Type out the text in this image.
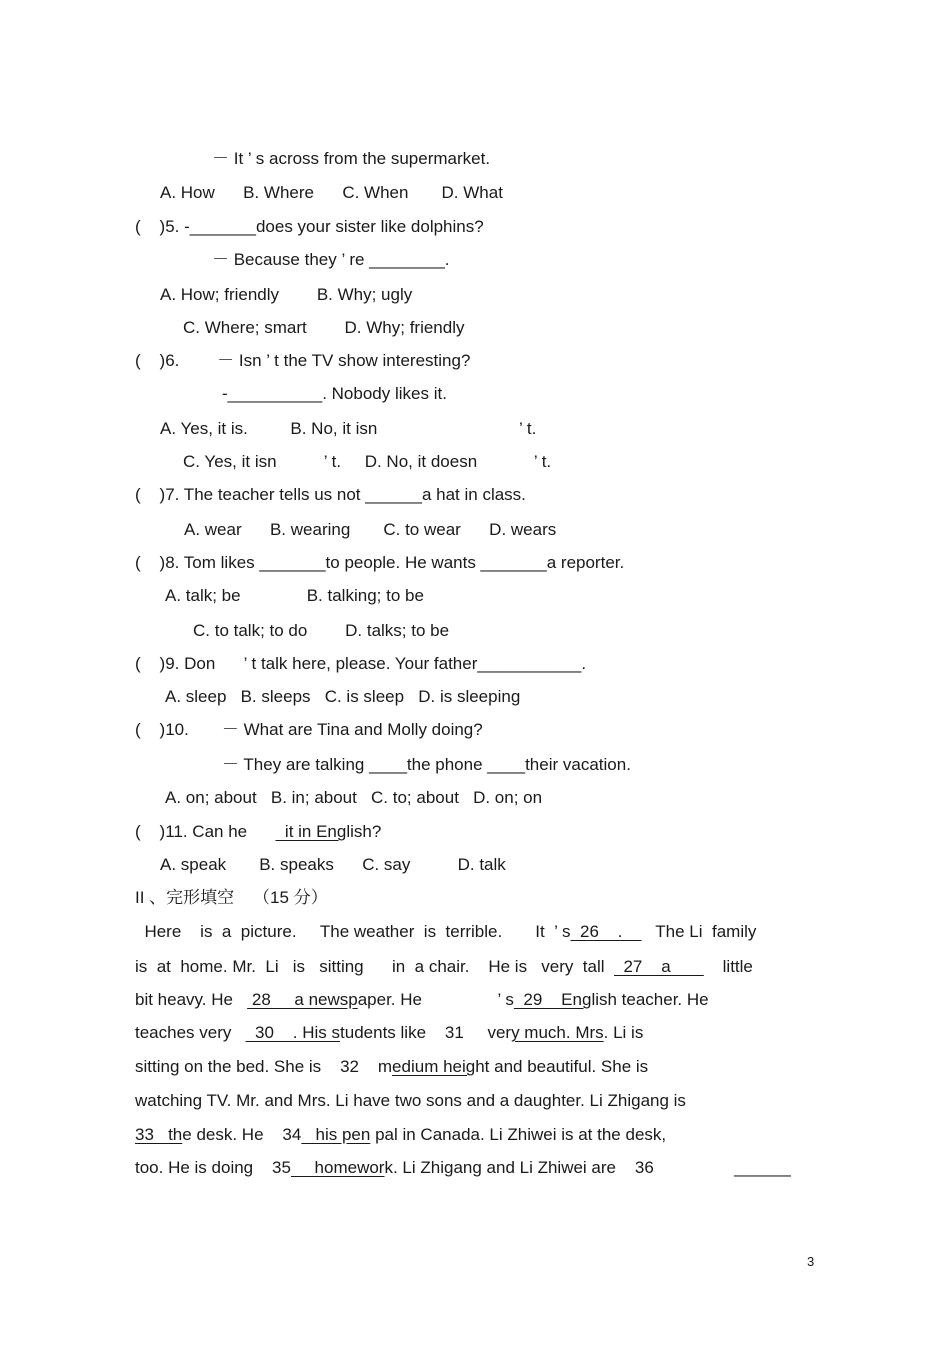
－ It ’ s across from the supermarket.
A. How      B. Where      C. When       D. What
(    )5. -_______does your sister like dolphins?
－ Because they ’ re ________.
A. How; friendly        B. Why; ugly
C. Where; smart        D. Why; friendly
(    )6.        － Isn ’ t the TV show interesting?
-__________. Nobody likes it.
A. Yes, it is.         B. No, it isn                              ’ t.
C. Yes, it isn          ’ t.     D. No, it doesn            ’ t.
(    )7. The teacher tells us not ______a hat in class.
A. wear      B. wearing       C. to wear      D. wears
(    )8. Tom likes _______to people. He wants _______a reporter.
A. talk; be              B. talking; to be
C. to talk; to do        D. talks; to be
(    )9. Don      ’ t talk here, please. Your father___________.
A. sleep   B. sleeps   C. is sleep   D. is sleeping
(    )10.       － What are Tina and Molly doing?
－ They are talking ____the phone ____their vacation.
A. on; about   B. in; about   C. to; about   D. on; on
(    )11. Can he        it in English?
A. speak       B. speaks      C. say          D. talk
II 、完形填空    （15 分）
Here    is  a  picture.     The weather  is  terrible.       It  ’ s  26    .       The Li  family
is  at  home. Mr.  Li   is   sitting      in  a chair.    He is   very  tall    27    a           little
bit heavy. He    28     a newspaper. He                ’ s  29    English teacher. He
teaches very     30    . His students like    31     very much. Mrs. Li is
sitting on the bed. She is    32    medium height and beautiful. She is
watching TV. Mr. and Mrs. Li have two sons and a daughter. Li Zhigang is
33   the desk. He    34   his pen pal in Canada. Li Zhiwei is at the desk,
too. He is doing    35     homework. Li Zhigang and Li Zhiwei are    36                 ______
3
